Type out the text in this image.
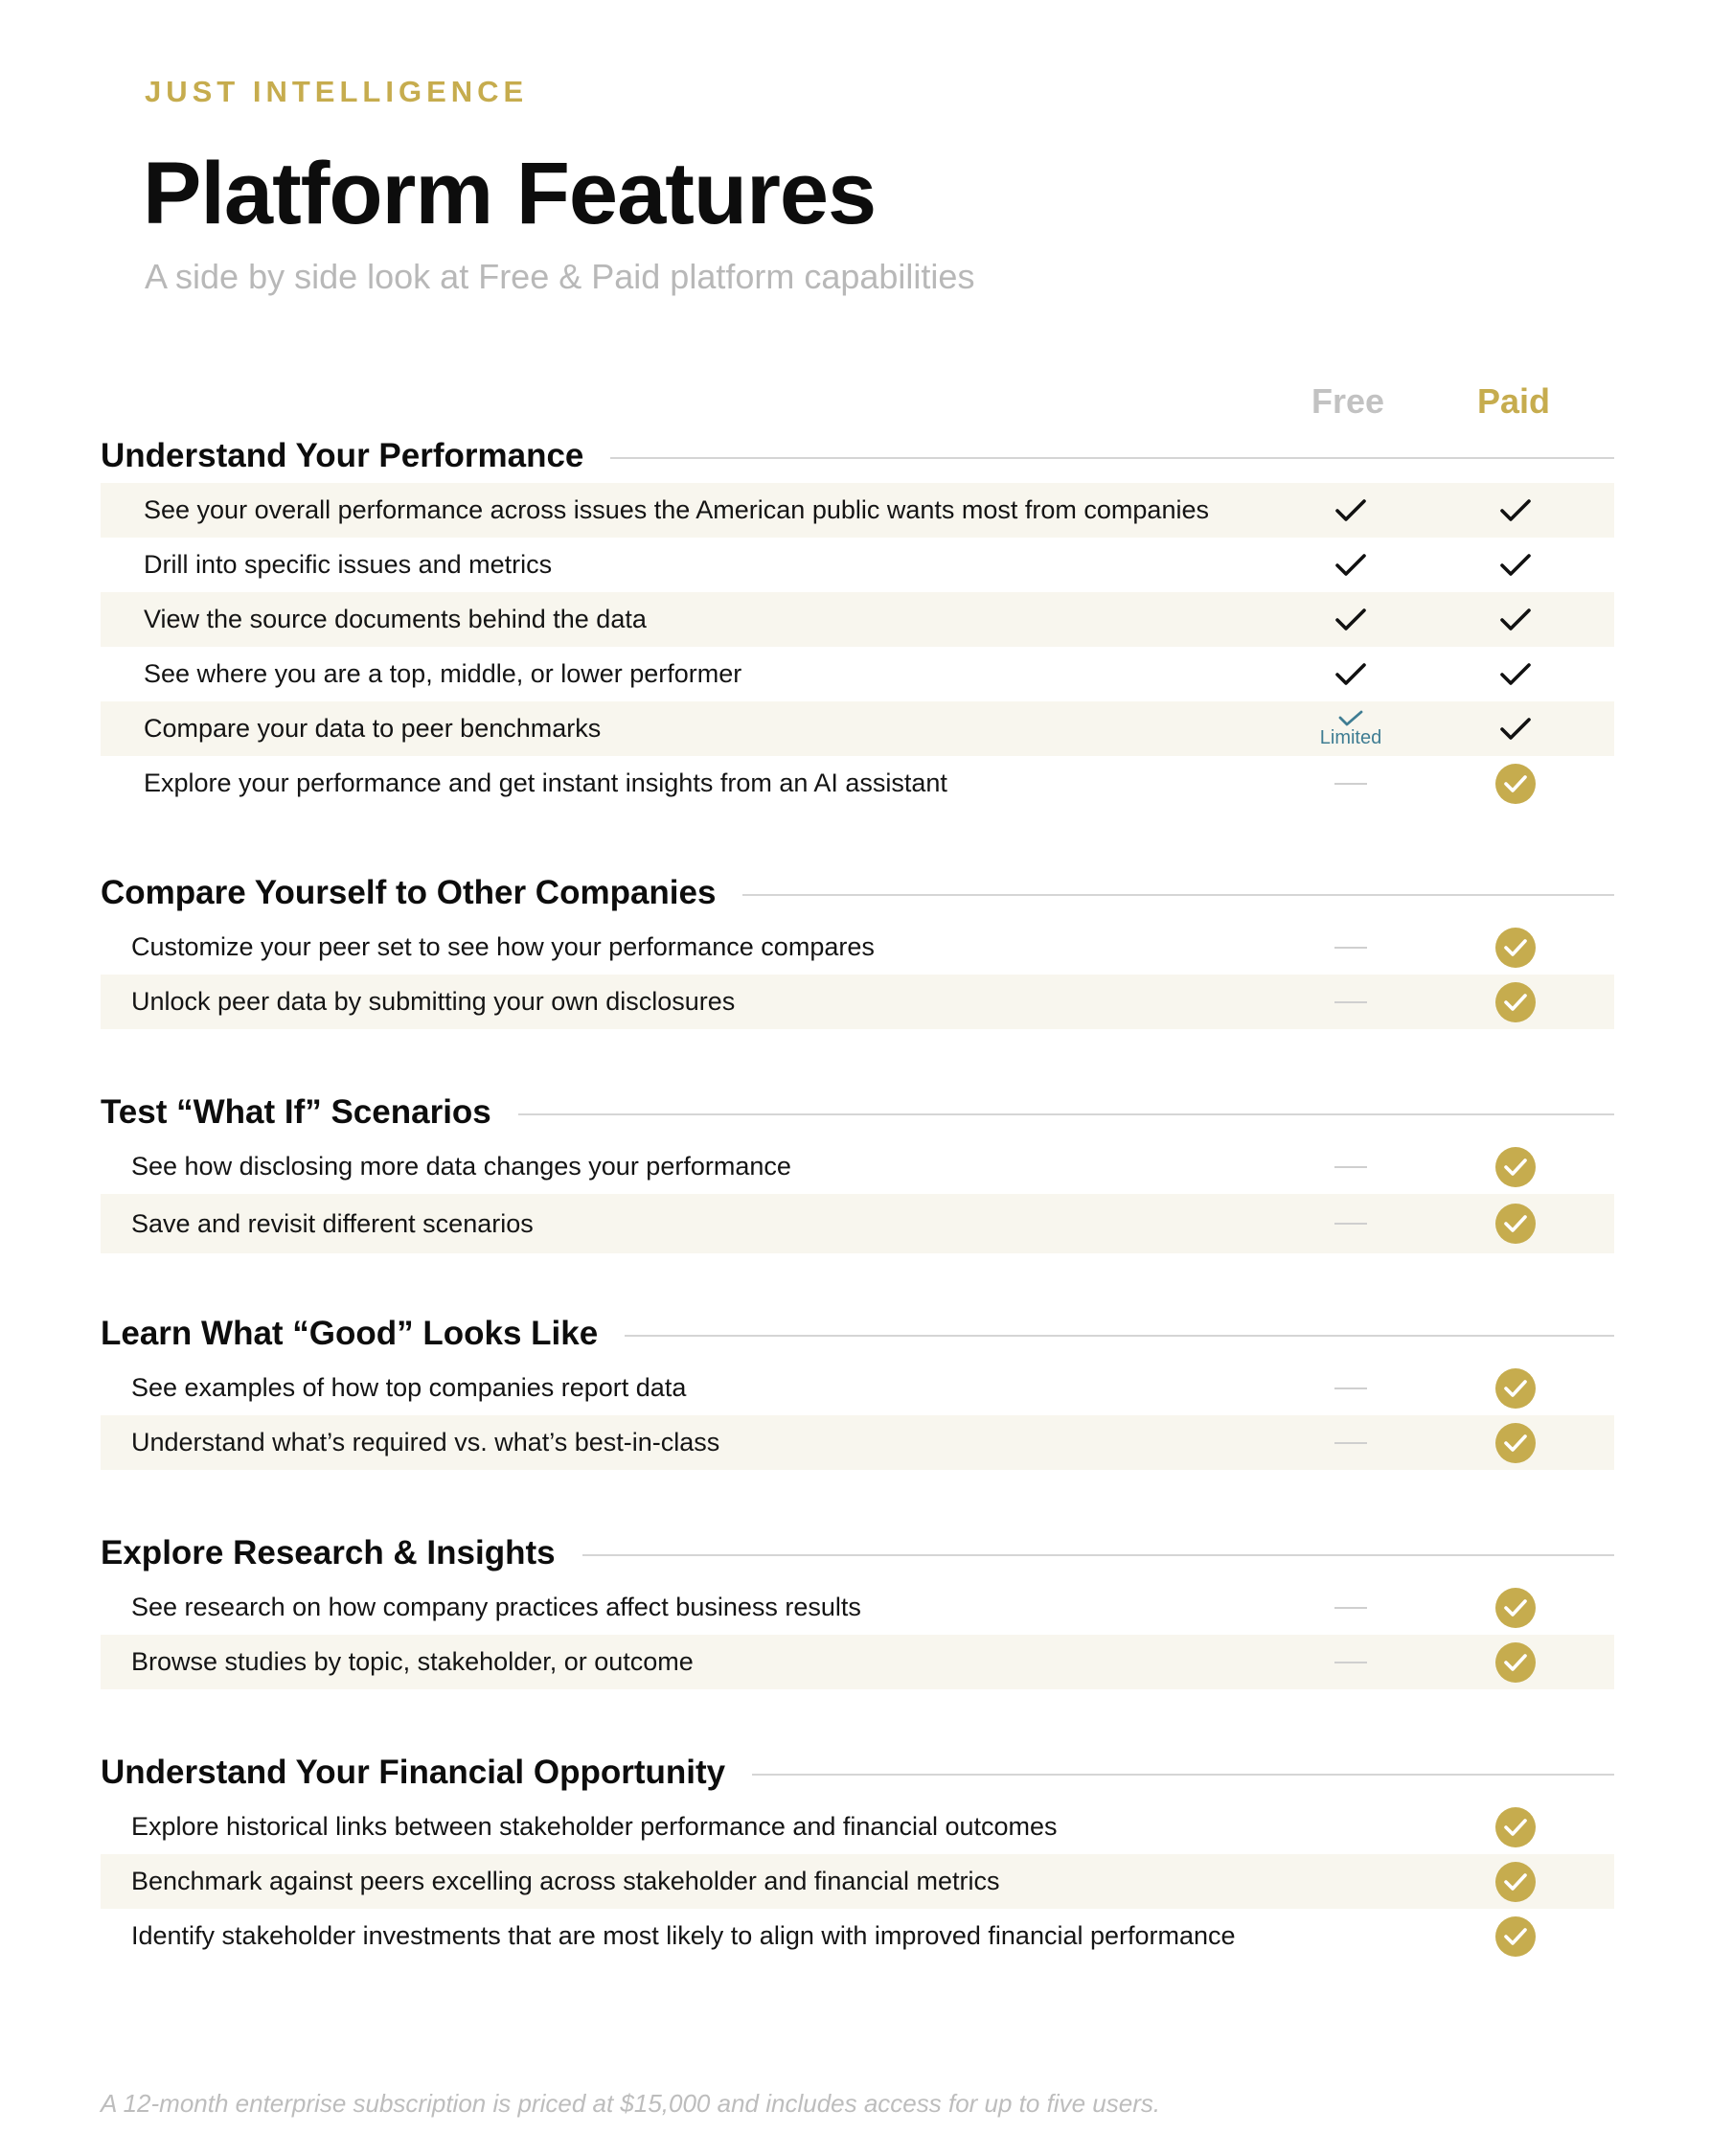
JUST INTELLIGENCE
Platform Features
A side by side look at Free & Paid platform capabilities
Free	Paid
Understand Your Performance
See your overall performance across issues the American public wants most from companies
Drill into specific issues and metrics
View the source documents behind the data
See where you are a top, middle, or lower performer
Compare your data to peer benchmarks	Limited
Explore your performance and get instant insights from an AI assistant
Compare Yourself to Other Companies
Customize your peer set to see how your performance compares
Unlock peer data by submitting your own disclosures
Test “What If” Scenarios
See how disclosing more data changes your performance
Save and revisit different scenarios
Learn What “Good” Looks Like
See examples of how top companies report data
Understand what’s required vs. what’s best-in-class
Explore Research & Insights
See research on how company practices affect business results
Browse studies by topic, stakeholder, or outcome
Understand Your Financial Opportunity
Explore historical links between stakeholder performance and financial outcomes
Benchmark against peers excelling across stakeholder and financial metrics
Identify stakeholder investments that are most likely to align with improved financial performance
A 12-month enterprise subscription is priced at $15,000 and includes access for up to five users.
